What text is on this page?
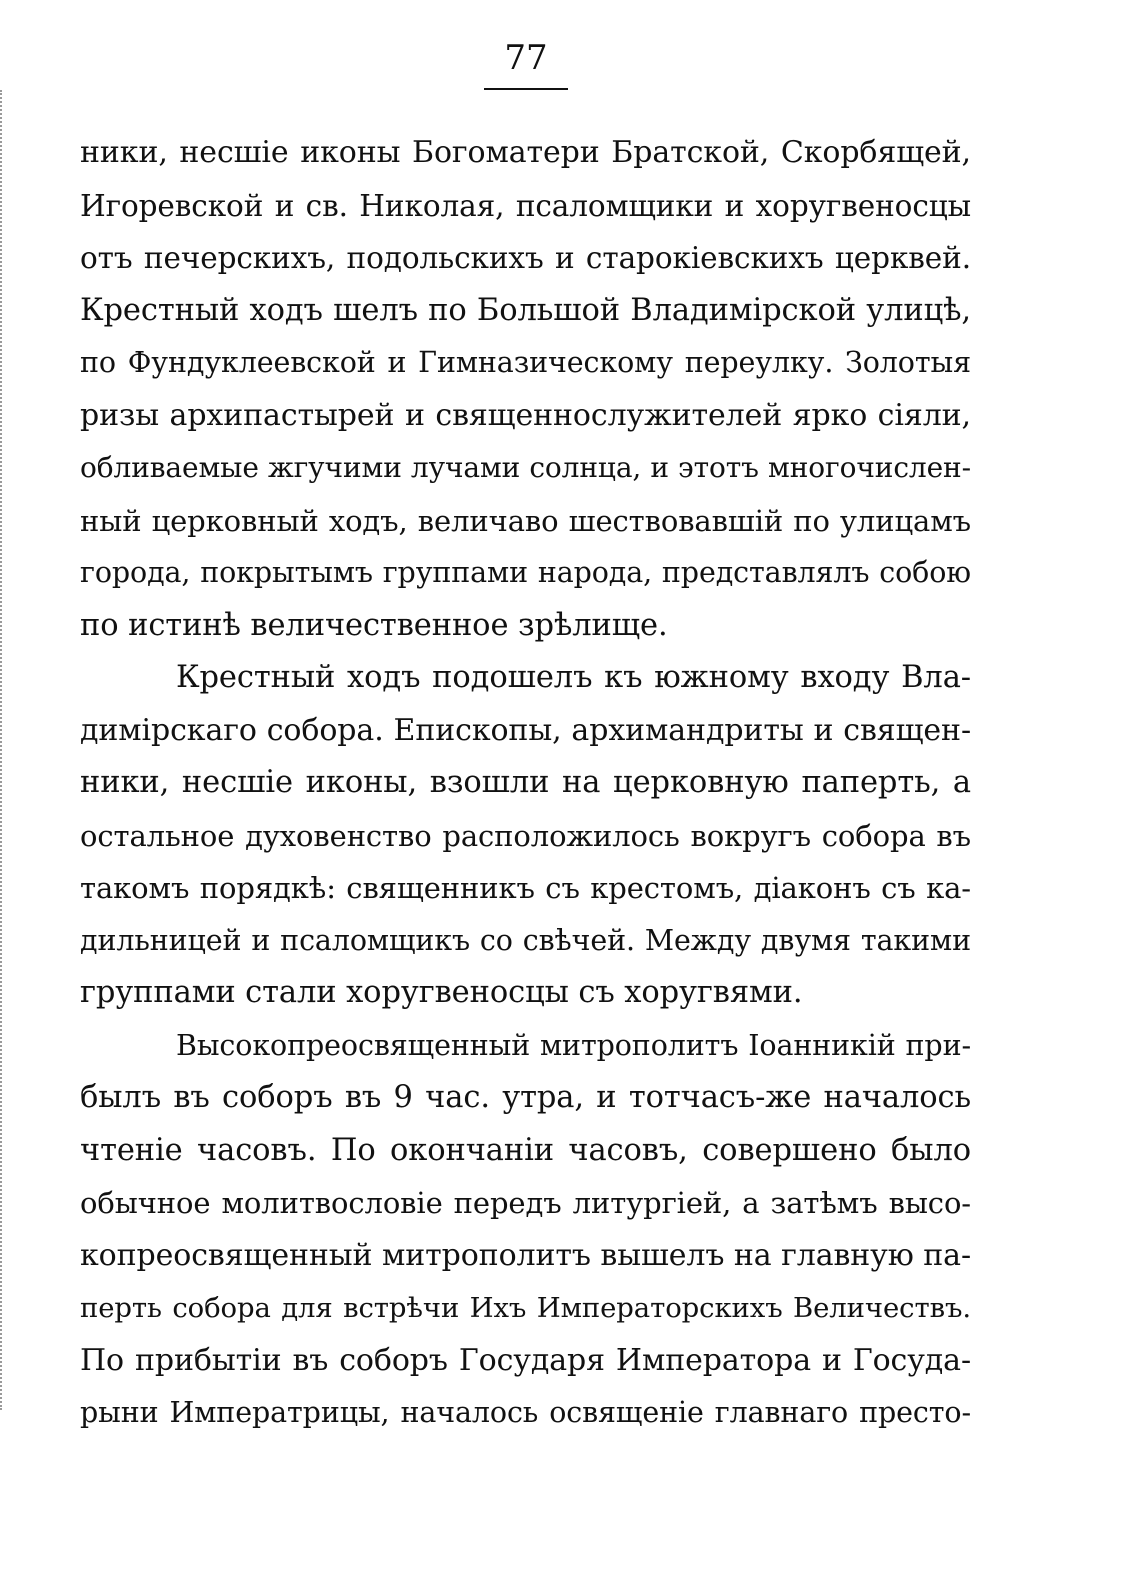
77
ники, несшіе иконы Богоматери Братской, Скорбящей,
Игоревской и св. Николая, псаломщики и хоругвеносцы
отъ печерскихъ, подольскихъ и старокіевскихъ церквей.
Крестный ходъ шелъ по Большой Владимірской улицѣ,
по Фундуклеевской и Гимназическому переулку. Золотыя
ризы архипастырей и священнослужителей ярко сіяли,
обливаемые жгучими лучами солнца, и этотъ многочислен-
ный церковный ходъ, величаво шествовавшій по улицамъ
города, покрытымъ группами народа, представлялъ собою
по истинѣ величественное зрѣлище.
Крестный ходъ подошелъ къ южному входу Вла-
димірскаго собора. Епископы, архимандриты и священ-
ники, несшіе иконы, взошли на церковную паперть, а
остальное духовенство расположилось вокругъ собора въ
такомъ порядкѣ: священникъ съ крестомъ, діаконъ съ ка-
дильницей и псаломщикъ со свѣчей. Между двумя такими
группами стали хоругвеносцы съ хоругвями.
Высокопреосвященный митрополитъ Іоанникій при-
былъ въ соборъ въ 9 час. утра, и тотчасъ-же началось
чтеніе часовъ. По окончаніи часовъ, совершено было
обычное молитвословіе передъ литургіей, а затѣмъ высо-
копреосвященный митрополитъ вышелъ на главную па-
перть собора для встрѣчи Ихъ Императорскихъ Величествъ.
По прибытіи въ соборъ Государя Императора и Госуда-
рыни Императрицы, началось освященіе главнаго престо-
